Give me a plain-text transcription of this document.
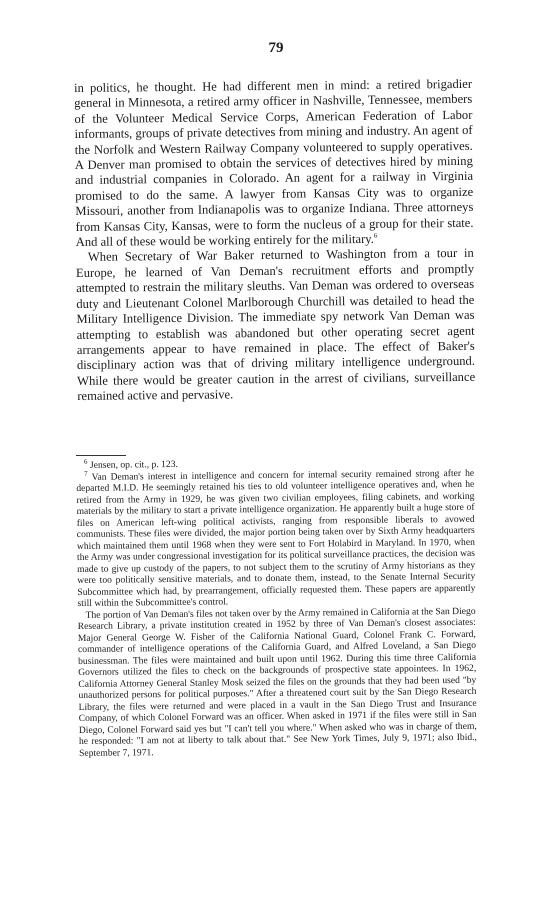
79

in politics, he thought. He had different men in mind: a retired brigadier general in Minnesota, a retired army officer in Nashville, Tennessee, members of the Volunteer Medical Service Corps, American Federation of Labor informants, groups of private detectives from mining and industry. An agent of the Norfolk and Western Railway Company volunteered to supply operatives. A Denver man promised to obtain the services of detectives hired by mining and industrial companies in Colorado. An agent for a railway in Virginia promised to do the same. A lawyer from Kansas City was to organize Missouri, another from Indianapolis was to organize Indiana. Three attorneys from Kansas City, Kansas, were to form the nucleus of a group for their state. And all of these would be working entirely for the military.$^6$

When Secretary of War Baker returned to Washington from a tour in Europe, he learned of Van Deman's recruitment efforts and promptly attempted to restrain the military sleuths. Van Deman was ordered to overseas duty and Lieutenant Colonel Marlborough Churchill was detailed to head the Military Intelligence Division. The immediate spy network Van Deman was attempting to establish was abandoned but other operating secret agent arrangements appear to have remained in place. The effect of Baker's disciplinary action was that of driving military intelligence underground. While there would be greater caution in the arrest of civilians, surveillance remained active and pervasive.

$^6$ Jensen, op. cit., p. 123.

$^7$ Van Deman's interest in intelligence and concern for internal security remained strong after he departed M.I.D. He seemingly retained his ties to old volunteer intelligence operatives and, when he retired from the Army in 1929, he was given two civilian employees, filing cabinets, and working materials by the military to start a private intelligence organization. He apparently built a huge store of files on American left-wing political activists, ranging from responsible liberals to avowed communists. These files were divided, the major portion being taken over by Sixth Army headquarters which maintained them until 1968 when they were sent to Fort Holabird in Maryland. In 1970, when the Army was under congressional investigation for its political surveillance practices, the decision was made to give up custody of the papers, to not subject them to the scrutiny of Army historians as they were too politically sensitive materials, and to donate them, instead, to the Senate Internal Security Subcommittee which had, by prearrangement, officially requested them. These papers are apparently still within the Subcommittee's control.

The portion of Van Deman's files not taken over by the Army remained in California at the San Diego Research Library, a private institution created in 1952 by three of Van Deman's closest associates: Major General George W. Fisher of the California National Guard, Colonel Frank C. Forward, commander of intelligence operations of the California Guard, and Alfred Loveland, a San Diego businessman. The files were maintained and built upon until 1962. During this time three California Governors utilized the files to check on the backgrounds of prospective state appointees. In 1962, California Attorney General Stanley Mosk seized the files on the grounds that they had been used "by unauthorized persons for political purposes." After a threatened court suit by the San Diego Research Library, the files were returned and were placed in a vault in the San Diego Trust and Insurance Company, of which Colonel Forward was an officer. When asked in 1971 if the files were still in San Diego, Colonel Forward said yes but "I can't tell you where." When asked who was in charge of them, he responded: "I am not at liberty to talk about that." See New York Times, July 9, 1971; also Ibid., September 7, 1971.
